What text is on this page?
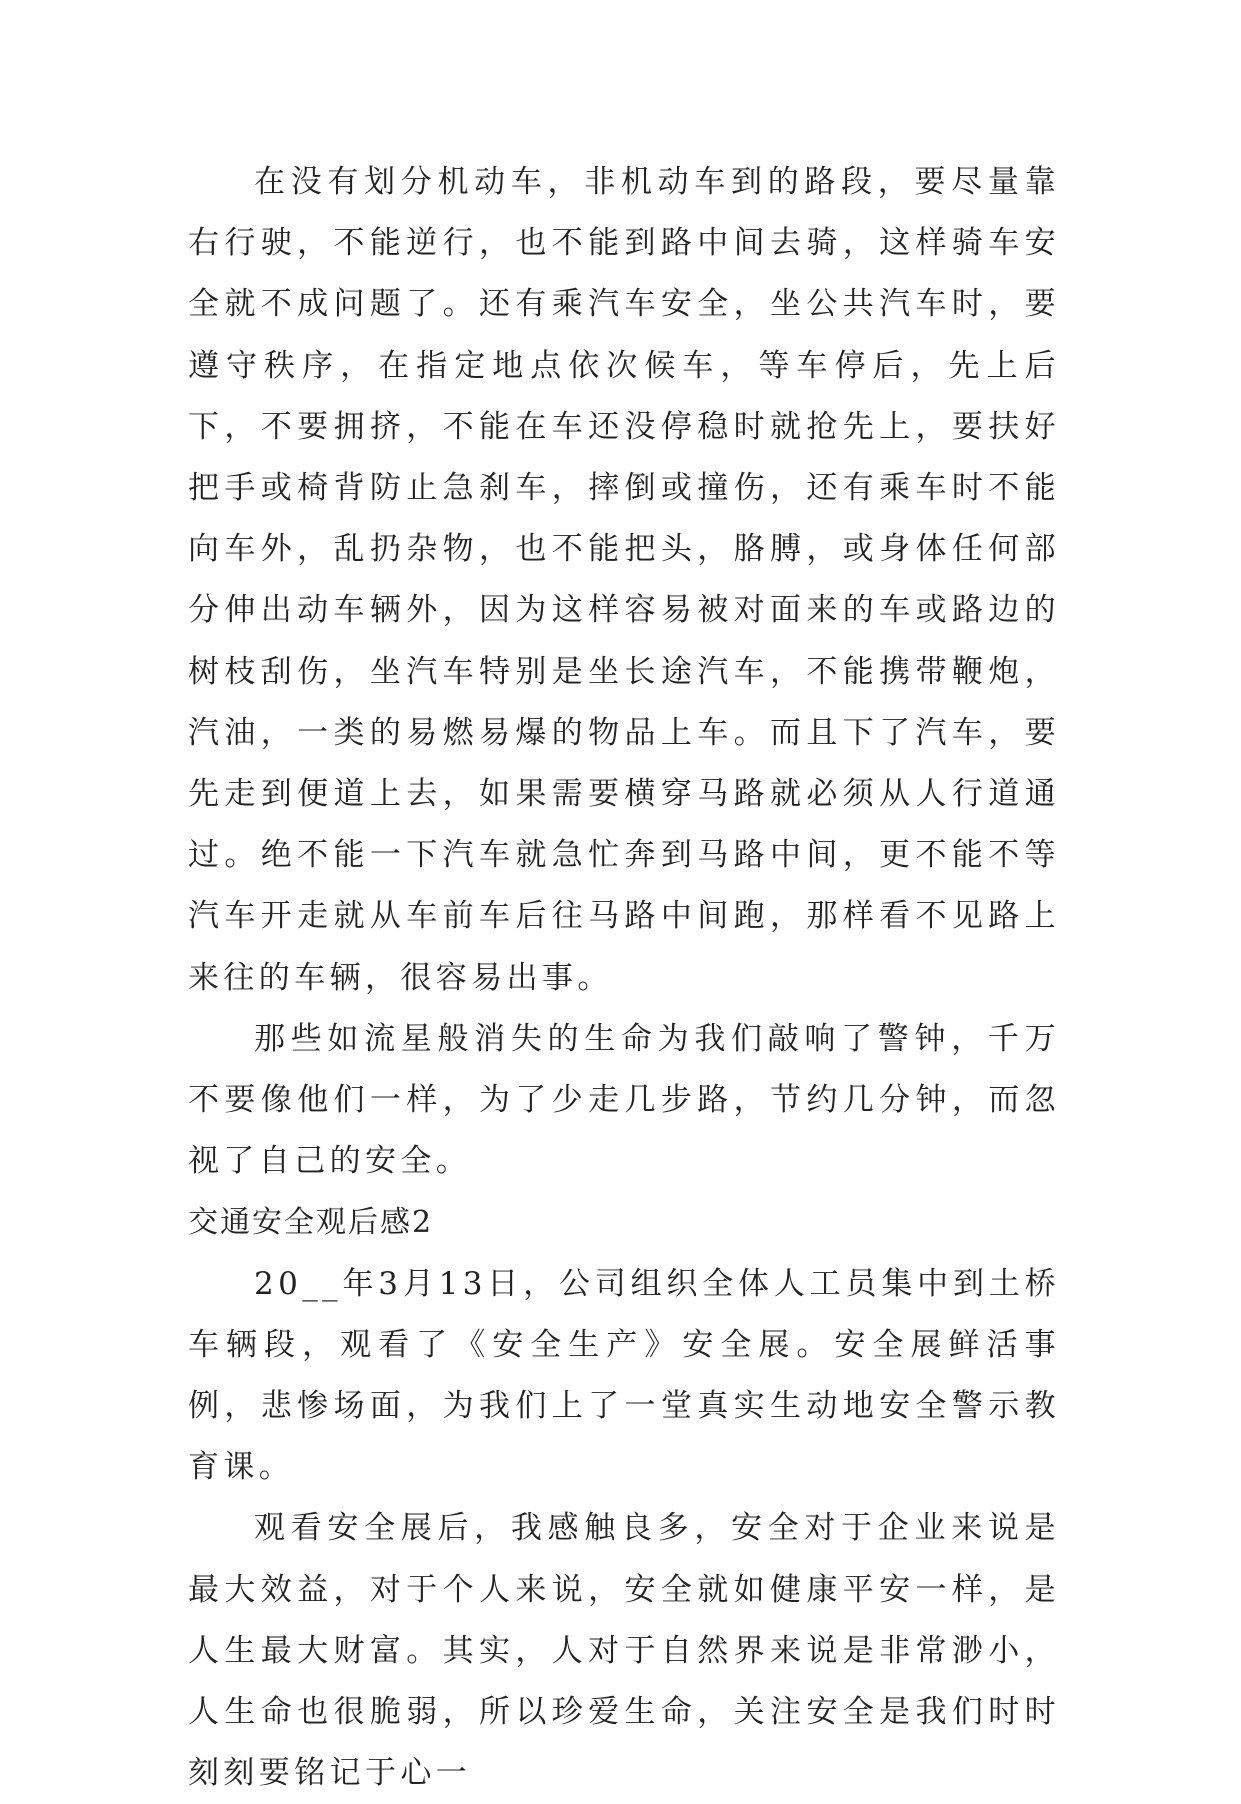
在没有划分机动车，非机动车到的路段，要尽量靠右行驶，不能逆行，也不能到路中间去骑，这样骑车安全就不成问题了。还有乘汽车安全，坐公共汽车时，要遵守秩序，在指定地点依次候车，等车停后，先上后下，不要拥挤，不能在车还没停稳时就抢先上，要扶好把手或椅背防止急刹车，摔倒或撞伤，还有乘车时不能向车外，乱扔杂物，也不能把头，胳膊，或身体任何部分伸出动车辆外，因为这样容易被对面来的车或路边的树枝刮伤，坐汽车特别是坐长途汽车，不能携带鞭炮，汽油，一类的易燃易爆的物品上车。而且下了汽车，要先走到便道上去，如果需要横穿马路就必须从人行道通过。绝不能一下汽车就急忙奔到马路中间，更不能不等汽车开走就从车前车后往马路中间跑，那样看不见路上来往的车辆，很容易出事。

那些如流星般消失的生命为我们敲响了警钟，千万不要像他们一样，为了少走几步路，节约几分钟，而忽视了自己的安全。

交通安全观后感2

20__年3月13日，公司组织全体人工员集中到土桥车辆段，观看了《安全生产》安全展。安全展鲜活事例，悲惨场面，为我们上了一堂真实生动地安全警示教育课。

观看安全展后，我感触良多，安全对于企业来说是最大效益，对于个人来说，安全就如健康平安一样，是人生最大财富。其实，人对于自然界来说是非常渺小，人生命也很脆弱，所以珍爱生命，关注安全是我们时时刻刻要铭记于心一
